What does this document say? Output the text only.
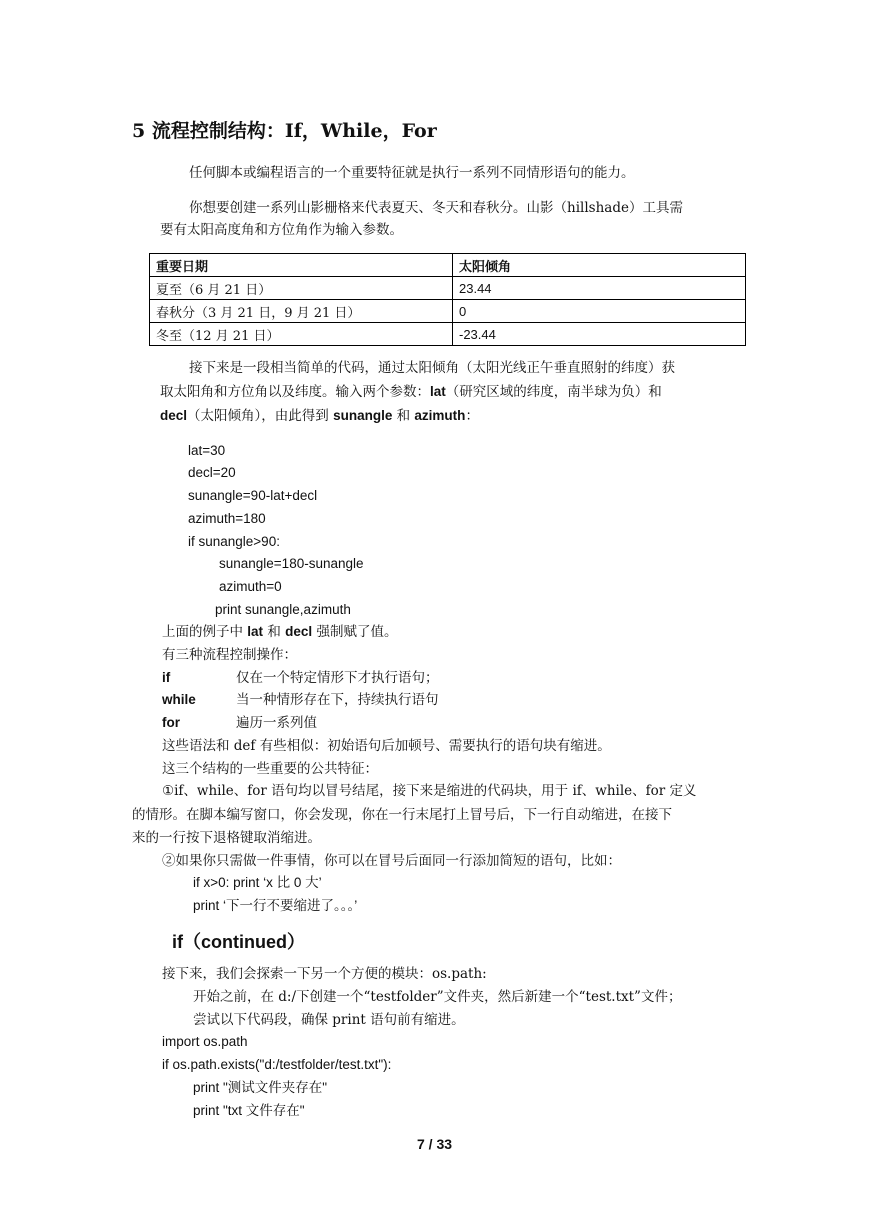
5 流程控制结构：If，While，For
任何脚本或编程语言的一个重要特征就是执行一系列不同情形语句的能力。
你想要创建一系列山影栅格来代表夏天、冬天和春秋分。山影（hillshade）工具需
要有太阳高度角和方位角作为输入参数。
重要日期	太阳倾角
夏至（6 月 21 日）	23.44
春秋分（3 月 21 日，9 月 21 日）	0
冬至（12 月 21 日）	-23.44
接下来是一段相当简单的代码，通过太阳倾角（太阳光线正午垂直照射的纬度）获
取太阳角和方位角以及纬度。输入两个参数：lat（研究区域的纬度，南半球为负）和
decl（太阳倾角），由此得到 sunangle 和 azimuth：
lat=30
decl=20
sunangle=90-lat+decl
azimuth=180
if sunangle>90:
sunangle=180-sunangle
azimuth=0
print sunangle,azimuth
上面的例子中 lat 和 decl 强制赋了值。
有三种流程控制操作：
if	仅在一个特定情形下才执行语句；
while	当一种情形存在下，持续执行语句
for	遍历一系列值
这些语法和 def 有些相似：初始语句后加顿号、需要执行的语句块有缩进。
这三个结构的一些重要的公共特征：
①if、while、for 语句均以冒号结尾，接下来是缩进的代码块，用于 if、while、for 定义
的情形。在脚本编写窗口，你会发现，你在一行末尾打上冒号后，下一行自动缩进，在接下
来的一行按下退格键取消缩进。
②如果你只需做一件事情，你可以在冒号后面同一行添加简短的语句，比如：
if x>0: print ‘x 比 0 大’
print ‘下一行不要缩进了。。。’
if（continued）
接下来，我们会探索一下另一个方便的模块：os.path:
开始之前，在 d:/下创建一个“testfolder”文件夹，然后新建一个“test.txt”文件；
尝试以下代码段，确保 print 语句前有缩进。
import os.path
if os.path.exists("d:/testfolder/test.txt"):
print "测试文件夹存在"
print "txt 文件存在"
7 / 33
